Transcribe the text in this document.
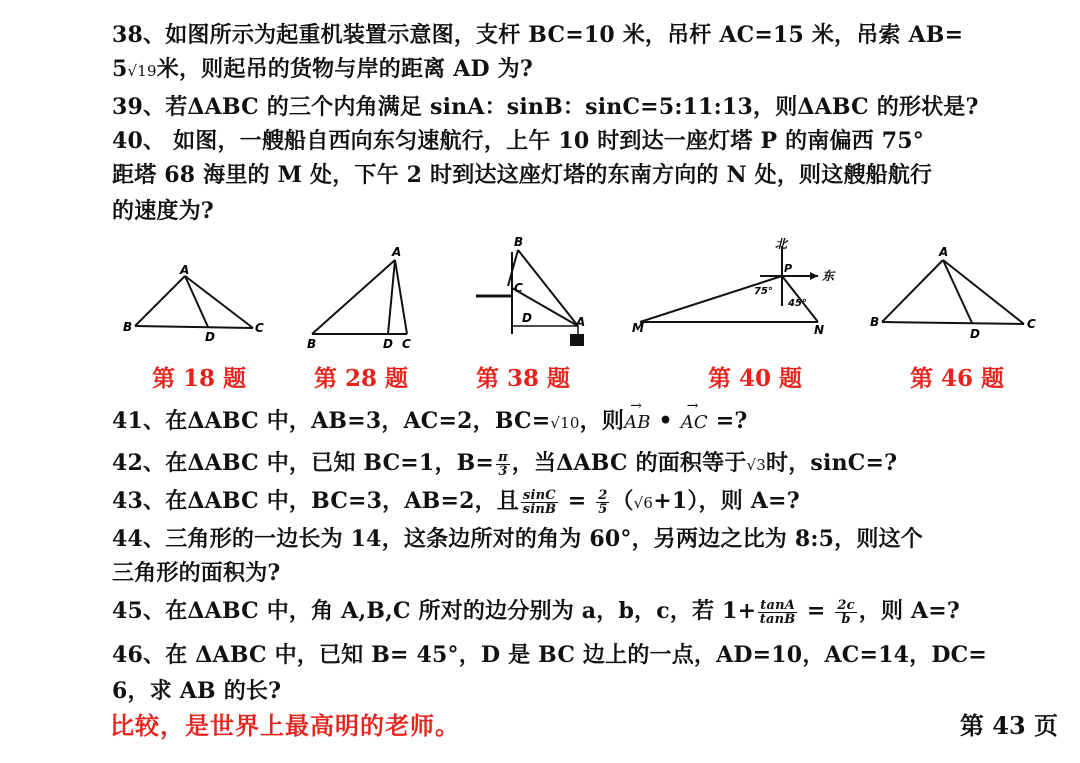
38、如图所示为起重机装置示意图，支杆 BC=10 米，吊杆 AC=15 米，吊索 AB=
5√19米，则起吊的货物与岸的距离 AD 为?
39、若ΔABC 的三个内角满足 sinA：sinB：sinC=5:11:13，则ΔABC 的形状是?
40、 如图，一艘船自西向东匀速航行，上午 10 时到达一座灯塔 P 的南偏西 75°
距塔 68 海里的 M 处，下午 2 时到达这座灯塔的东南方向的 N 处，则这艘船航行
的速度为?
A
B	C
D
A
B	D C
B
C
D	A
北
东
P
75°
45°
M	N
A
B	C
D
第 18 题	第 28 题	第 38 题	第 40 题	第 46 题
41、在ΔABC 中，AB=3，AC=2，BC=√10，则→ AB • → AC =?
42、在ΔABC 中，已知 BC=1，$B= \frac{\pi}{3}$ ，当ΔABC 的面积等于√3时，sinC=?
43、在ΔABC 中，BC=3，AB=2，且 $\frac{\sin C}{\sin B} = \frac{2}{5} (√6+1)$，则 A=?
44、三角形的一边长为 14，这条边所对的角为 60°，另两边之比为 8:5，则这个
三角形的面积为?
45、在ΔABC 中，角 A,B,C 所对的边分别为 a，b，c，若 $1+ \frac{\tan A}{\tan B} = \frac{2c}{b}$ ，则 A=?
46、在 ΔABC 中，已知 B= 45°，D 是 BC 边上的一点，AD=10，AC=14，DC=
6，求 AB 的长?
比较，是世界上最高明的老师。	第 43 页
